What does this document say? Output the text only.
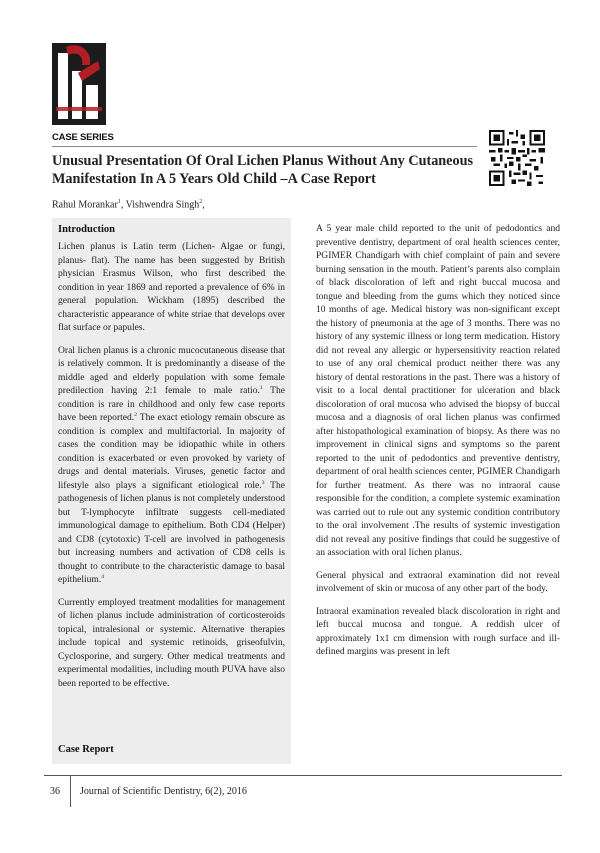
CASE SERIES
Unusual Presentation Of Oral Lichen Planus Without Any Cutaneous Manifestation In A 5 Years Old Child –A Case Report
Rahul Morankar$^1$, Vishwendra Singh$^2$,
Introduction

Lichen planus is Latin term (Lichen- Algae or fungi, planus- flat). The name has been suggested by British physician Erasmus Wilson, who first described the condition in year 1869 and reported a prevalence of 6% in general population. Wickham (1895) described the characteristic appearance of white striae that develops over flat surface or papules.

Oral lichen planus is a chronic mucocutaneous disease that is relatively common. It is predominantly a disease of the middle aged and elderly population with some female predilection having 2:1 female to male ratio.$^1$ The condition is rare in childhood and only few case reports have been reported.$^2$ The exact etiology remain obscure as condition is complex and multifactorial. In majority of cases the condition may be idiopathic while in others condition is exacerbated or even provoked by variety of drugs and dental materials. Viruses, genetic factor and lifestyle also plays a significant etiological role.$^3$ The pathogenesis of lichen planus is not completely understood but T-lymphocyte infiltrate suggests cell-mediated immunological damage to epithelium. Both CD4 (Helper) and CD8 (cytotoxic) T-cell are involved in pathogenesis but increasing numbers and activation of CD8 cells is thought to contribute to the characteristic damage to basal epithelium.$^4$

Currently employed treatment modalities for management of lichen planus include administration of corticosteroids topical, intralesional or systemic. Alternative therapies include topical and systemic retinoids, griseofulvin, Cyclosporine, and surgery. Other medical treatments and experimental modalities, including mouth PUVA have also been reported to be effective.

Case Report

A 5 year male child reported to the unit of pedodontics and preventive dentistry, department of oral health sciences center, PGIMER Chandigarh with chief complaint of pain and severe burning sensation in the mouth. Patient’s parents also complain of black discoloration of left and right buccal mucosa and tongue and bleeding from the gums which they noticed since 10 months of age. Medical history was non-significant except the history of pneumonia at the age of 3 months. There was no history of any systemic illness or long term medication. History did not reveal any allergic or hypersensitivity reaction related to use of any oral chemical product neither there was any history of dental restorations in the past. There was a history of visit to a local dental practitioner for ulceration and black discoloration of oral mucosa who advised the biopsy of buccal mucosa and a diagnosis of oral lichen planus was confirmed after histopathological examination of biopsy. As there was no improvement in clinical signs and symptoms so the parent reported to the unit of pedodontics and preventive dentistry, department of oral health sciences center, PGIMER Chandigarh for further treatment. As there was no intraoral cause responsible for the condition, a complete systemic examination was carried out to rule out any systemic condition contributory to the oral involvement .The results of systemic investigation did not reveal any positive findings that could be suggestive of an association with oral lichen planus.

General physical and extraoral examination did not reveal involvement of skin or mucosa of any other part of the body.

Intraoral examination revealed black discoloration in right and left buccal mucosa and tongue. A reddish ulcer of approximately 1x1 cm dimension with rough surface and ill-defined margins was present in left

36 Journal of Scientific Dentistry, 6(2), 2016
